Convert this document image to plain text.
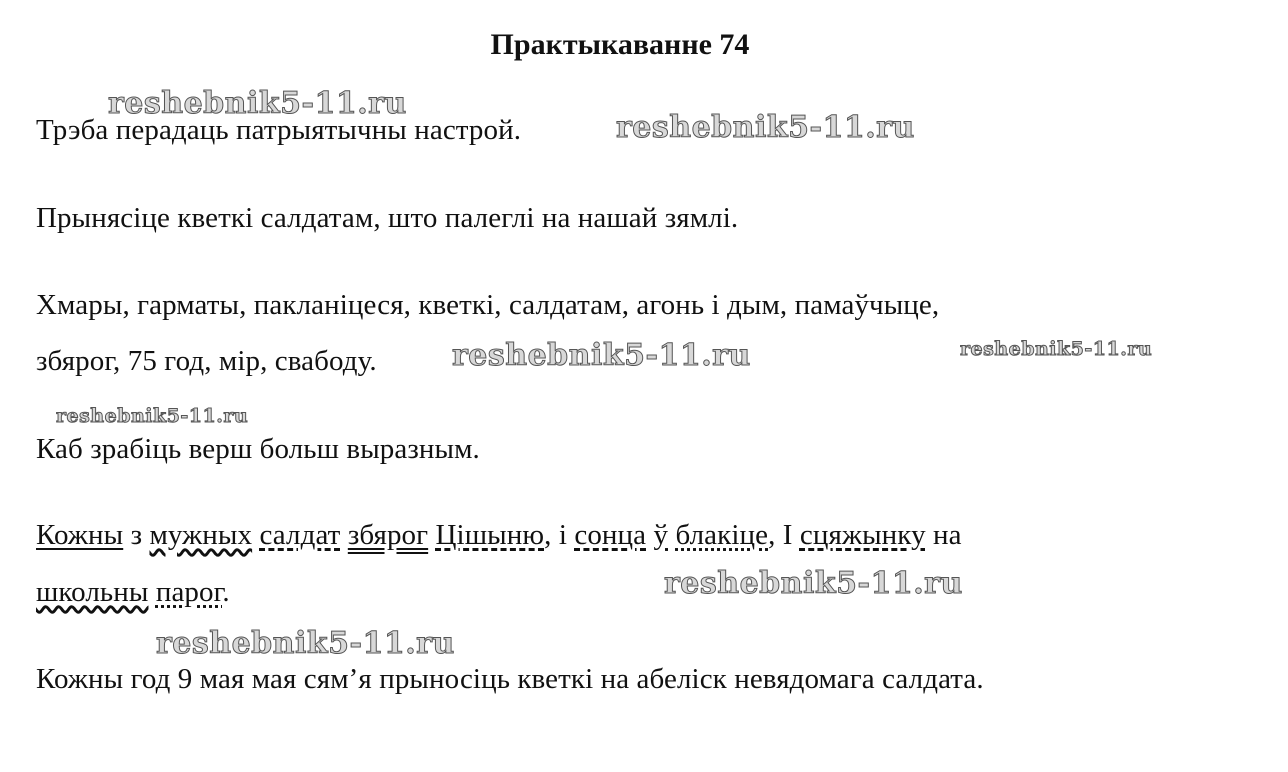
Практыкаванне 74
Трэба перадаць патрыятычны настрой.
Прынясіце кветкі салдатам, што палеглі на нашай зямлі.
Хмары, гарматы, пакланіцеся, кветкі, салдатам, агонь і дым, памаўчыце,
збярог, 75 год, мір, свабоду.
Каб зрабіць верш больш выразным.
Кожны з мужных салдат збярог Цішыню, і сонца ў блакіце, І сцяжынку на
школьны парог.
Кожны год 9 мая мая сям’я прыносіць кветкі на абеліск невядомага салдата.
reshebnik5-11.ru
reshebnik5-11.ru
reshebnik5-11.ru	reshebnik5-11.ru
reshebnik5-11.ru
reshebnik5-11.ru
reshebnik5-11.ru
